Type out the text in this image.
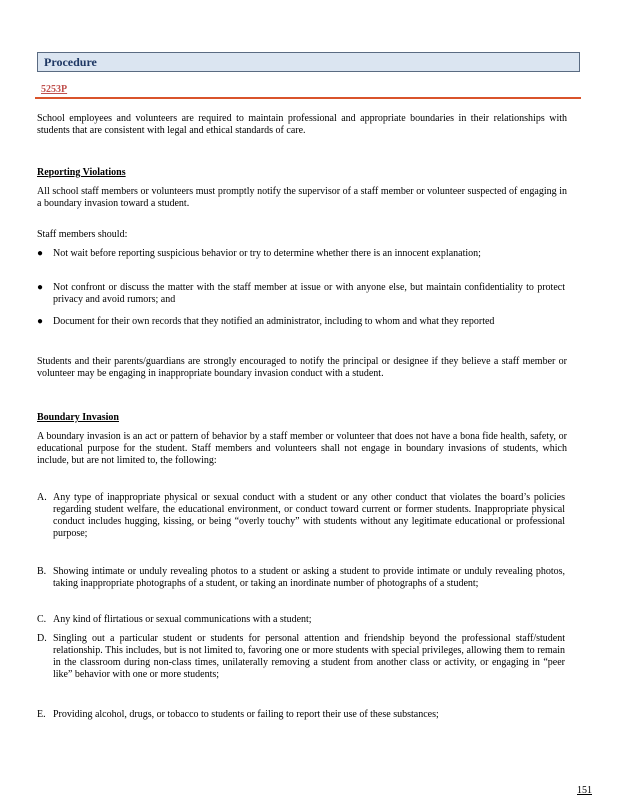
Procedure
5253P
School employees and volunteers are required to maintain professional and appropriate boundaries in their relationships with students that are consistent with legal and ethical standards of care.
Reporting Violations
All school staff members or volunteers must promptly notify the supervisor of a staff member or volunteer suspected of engaging in a boundary invasion toward a student.
Staff members should:
● Not wait before reporting suspicious behavior or try to determine whether there is an innocent explanation;
● Not confront or discuss the matter with the staff member at issue or with anyone else, but maintain confidentiality to protect privacy and avoid rumors; and
● Document for their own records that they notified an administrator, including to whom and what they reported
Students and their parents/guardians are strongly encouraged to notify the principal or designee if they believe a staff member or volunteer may be engaging in inappropriate boundary invasion conduct with a student.
Boundary Invasion
A boundary invasion is an act or pattern of behavior by a staff member or volunteer that does not have a bona fide health, safety, or educational purpose for the student. Staff members and volunteers shall not engage in boundary invasions of students, which include, but are not limited to, the following:
A. Any type of inappropriate physical or sexual conduct with a student or any other conduct that violates the board’s policies regarding student welfare, the educational environment, or conduct toward current or former students. Inappropriate physical conduct includes hugging, kissing, or being “overly touchy” with students without any legitimate educational or professional purpose;
B. Showing intimate or unduly revealing photos to a student or asking a student to provide intimate or unduly revealing photos, taking inappropriate photographs of a student, or taking an inordinate number of photographs of a student;
C. Any kind of flirtatious or sexual communications with a student;
D. Singling out a particular student or students for personal attention and friendship beyond the professional staff/student relationship. This includes, but is not limited to, favoring one or more students with special privileges, allowing them to remain in the classroom during non-class times, unilaterally removing a student from another class or activity, or engaging in “peer like” behavior with one or more students;
E. Providing alcohol, drugs, or tobacco to students or failing to report their use of these substances;
151
